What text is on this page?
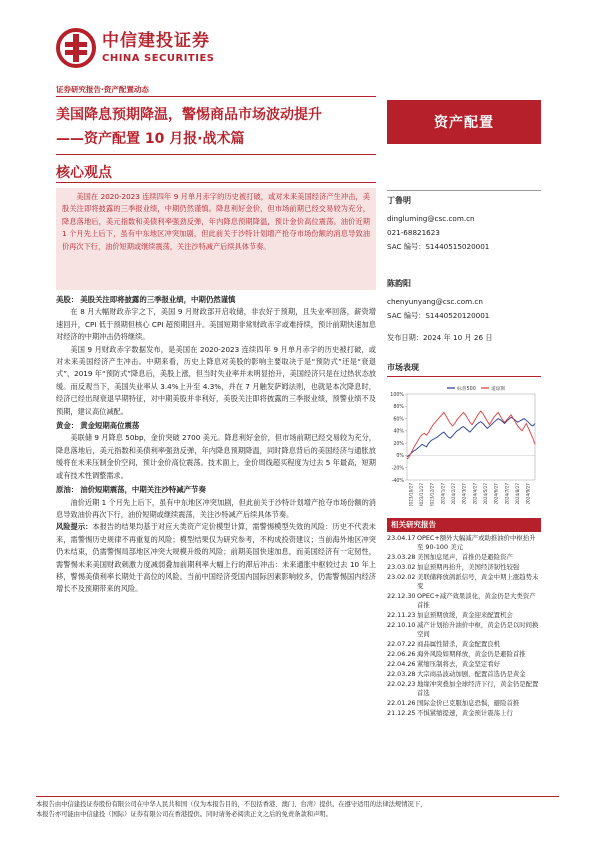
中信建投证券
CHINA SECURITIES
证券研究报告·资产配置动态
美国降息预期降温，警惕商品市场波动提升
——资产配置 10 月报·战术篇
核心观点
资产配置

美国在 2020-2023 连续四年 9 月单月赤字的历史被打破，或对未来美国经济产生冲击，美股关注即将披露的三季报业绩，中期仍然谨慎。降息利好金价，但市场前期已经交易较为充分，降息落地后，美元指数和美债利率强劲反弹，年内降息预期降温，预计金价高位震荡。油价近期 1 个月先上后下，虽有中东地区冲突加剧，但此前关于沙特计划增产抢夺市场份额的消息导致油价再次下行，油价短期或继续震荡，关注沙特减产后续具体节奏。

美股： 美股关注即将披露的三季报业绩，中期仍然谨慎

在 8 月大幅财政赤字之下，美国 9 月财政部开启收储，非农好于预期，且失业率回落，薪资增速回升，CPI 低于预期但核心 CPI 超预期回升。美国短期非常财政赤字或难持续，预计前期快速加息对经济的中期冲击仍将继续。

美国 9 月财政赤字数据发布，是美国在 2020-2023 连续四年 9 月单月赤字的历史被打破，或对未来美国经济产生冲击。中期来看，历史上降息对美股的影响主要取决于是“预防式”还是“衰退式”，2019 年“预防式”降息后，美股上涨，但当时失业率并未明显抬升，美国经济只是在过热状态放缓。而反观当下，美国失业率从 3.4%上升至 4.3%，并在 7 月触发萨姆法则，也就是本次降息时，经济已经出现衰退早期特征，对中期美股并非利好，美股关注即将披露的三季报业绩，预警业绩不及预期，建议高位减配。

黄金： 黄金短期高位震荡

美联储 9 月降息 50bp，金价突破 2700 美元。降息利好金价，但市场前期已经交易较为充分，降息落地后，美元指数和美债利率强劲反弹，年内降息预期降温，同时降息背后的美国经济与通胀放缓将在未来压制金价空间，预计金价高位震荡。技术面上，金价周线超买程度为过去 5 年最高，短期或有技术性调整需求。

原油： 油价短期震荡，中期关注沙特减产节奏

油价近期 1 个月先上后下，虽有中东地区冲突加剧，但此前关于沙特计划增产抢夺市场份额的消息导致油价再次下行，油价短期或继续震荡，关注沙特减产后续具体节奏。

风险提示：本报告的结果均基于对应大类资产定价模型计算，需警惕模型失效的风险：历史不代表未来，需警惕历史规律不再重复的风险；模型结果仅为研究参考，不构成投资建议；当前海外地区冲突仍未结束，仍需警惕局部地区冲突大规模升级的风险；前期美国快速加息，而美国经济有一定韧性，需警惕未来美国财政刺激力度减弱叠加前期利率大幅上行的滞后冲击：未来通胀中枢较过去 10 年上移，警惕美债利率长期处于高位的风险。当前中国经济受国内国际因素影响较多，仍需警惕国内经济增长不及预期带来的风险。
丁鲁明
dingluming@csc.com.cn
021-68821623
SAC 编号：S1440515020001
陈韵阳
chenyunyang@csc.com.cn
SAC 编号：S1440520120001
发布日期：2024 年 10 月 26 日
市场表现
100%
80%
60%
40%
20%
0%
-20%
-40%
2023/10/27 2023/11/27 2023/12/27 2024/1/27 2024/2/27 2024/3/27 2024/4/27 2024/5/27 2024/6/27 2024/7/27 2024/8/27 2024/9/27
标普500	道琼斯
相关研究报告
23.04.17 OPEC+额外大幅减产或助推油价中枢抬升至 90-100 美元
23.03.28 美国加息尾声，首推仍是避险资产
23.03.02 加息预期再抬升，美国经济韧性较强
23.02.02 美联储释放鸽派信号，黄金中期上涨趋势未变
22.12.30 OPEC+减产效果淡化，黄金仍是大类资产首推
22.11.23 加息预期放缓，黄金迎来配置机会
22.10.10 减产计划抬升油价中枢，黄金仍是以时间换空间
22.07.22 商品属性错杀，黄金配置良机
22.06.26 海外风险如期释放，黄金仍是避险首推
22.04.26 紧缩压制将去，黄金坚定看好
22.03.28 大宗商品波动加剧，配置首选仍是黄金
22.02.23 地缘冲突叠加全球经济下行，黄金仍是配置首选
22.01.26 国际金价已克服加息恐惧，避险首推
21.12.25 不惧紧缩提速，黄金预计震荡上行
本报告由中信建投证券股份有限公司在中华人民共和国（仅为本报告目的，不包括香港、澳门、台湾）提供。在遵守适用的法律法规情况下，
本报告亦可能由中信建投（国际）证券有限公司在香港提供。同时请务必阅读正文之后的免责条款和声明。
